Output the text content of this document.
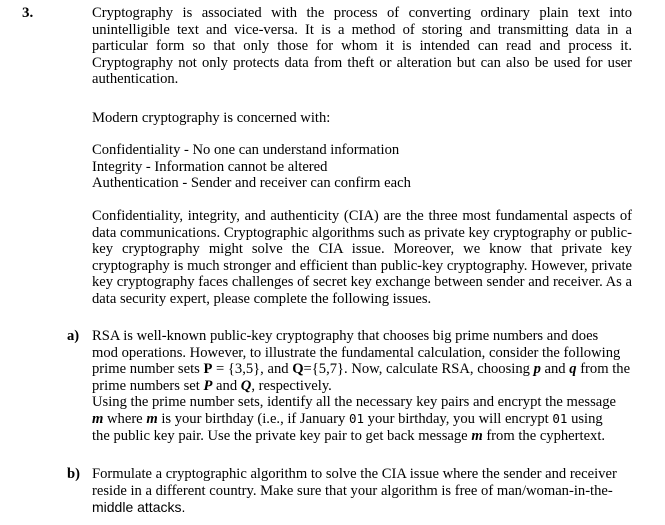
3.	Cryptography is associated with the process of converting ordinary plain text into unintelligible text and vice-versa. It is a method of storing and transmitting data in a particular form so that only those for whom it is intended can read and process it. Cryptography not only protects data from theft or alteration but can also be used for user authentication.
Modern cryptography is concerned with:
Confidentiality - No one can understand information
Integrity - Information cannot be altered
Authentication - Sender and receiver can confirm each
Confidentiality, integrity, and authenticity (CIA) are the three most fundamental aspects of data communications. Cryptographic algorithms such as private key cryptography or public-key cryptography might solve the CIA issue. Moreover, we know that private key cryptography is much stronger and efficient than public-key cryptography. However, private key cryptography faces challenges of secret key exchange between sender and receiver. As a data security expert, please complete the following issues.
a) RSA is well-known public-key cryptography that chooses big prime numbers and does
mod operations. However, to illustrate the fundamental calculation, consider the following
prime number sets P = {3,5}, and Q={5,7}. Now, calculate RSA, choosing p and q from the
prime numbers set P and Q, respectively.
Using the prime number sets, identify all the necessary key pairs and encrypt the message
m where m is your birthday (i.e., if January 01 your birthday, you will encrypt 01 using
the public key pair. Use the private key pair to get back message m from the cyphertext.
b) Formulate a cryptographic algorithm to solve the CIA issue where the sender and receiver
reside in a different country. Make sure that your algorithm is free of man/woman-in-the-
middle attacks.
